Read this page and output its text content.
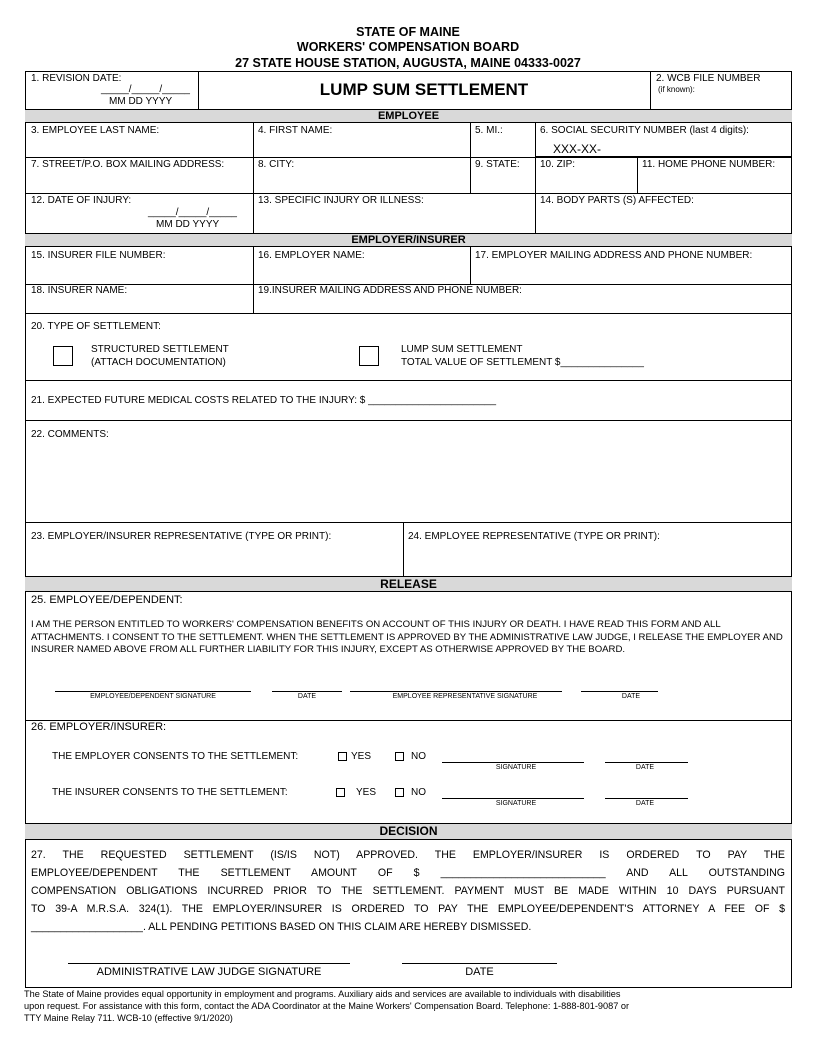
STATE OF MAINE
WORKERS' COMPENSATION BOARD
27 STATE HOUSE STATION, AUGUSTA, MAINE 04333-0027
1. REVISION DATE:
_____/_____/_____
MM DD YYYY
LUMP SUM SETTLEMENT
2. WCB FILE NUMBER
(if known):
EMPLOYEE
3. EMPLOYEE LAST NAME:	4. FIRST NAME:	5. MI.:	6. SOCIAL SECURITY NUMBER (last 4 digits):
XXX-XX-
7. STREET/P.O. BOX MAILING ADDRESS:	8. CITY:	9. STATE: 10. ZIP:	11. HOME PHONE NUMBER:
12. DATE OF INJURY:
_____/_____/_____
MM DD YYYY
13. SPECIFIC INJURY OR ILLNESS:	14. BODY PARTS (S) AFFECTED:
EMPLOYER/INSURER
15. INSURER FILE NUMBER:	16. EMPLOYER NAME:	17. EMPLOYER MAILING ADDRESS AND PHONE NUMBER:
18. INSURER NAME:	19.INSURER MAILING ADDRESS AND PHONE NUMBER:
20. TYPE OF SETTLEMENT:
STRUCTURED SETTLEMENT
(ATTACH DOCUMENTATION)
LUMP SUM SETTLEMENT
TOTAL VALUE OF SETTLEMENT $_______________
21. EXPECTED FUTURE MEDICAL COSTS RELATED TO THE INJURY: $ _______________________
22. COMMENTS:
23. EMPLOYER/INSURER REPRESENTATIVE (TYPE OR PRINT):	24. EMPLOYEE REPRESENTATIVE (TYPE OR PRINT):
RELEASE
25. EMPLOYEE/DEPENDENT:
I AM THE PERSON ENTITLED TO WORKERS' COMPENSATION BENEFITS ON ACCOUNT OF THIS INJURY OR DEATH. I HAVE READ THIS FORM AND ALL ATTACHMENTS. I CONSENT TO THE SETTLEMENT. WHEN THE SETTLEMENT IS APPROVED BY THE ADMINISTRATIVE LAW JUDGE, I RELEASE THE EMPLOYER AND INSURER NAMED ABOVE FROM ALL FURTHER LIABILITY FOR THIS INJURY, EXCEPT AS OTHERWISE APPROVED BY THE BOARD.
EMPLOYEE/DEPENDENT SIGNATURE	DATE	EMPLOYEE REPRESENTATIVE SIGNATURE	DATE
26. EMPLOYER/INSURER:
THE EMPLOYER CONSENTS TO THE SETTLEMENT:	YES	NO
SIGNATURE	DATE
THE INSURER CONSENTS TO THE SETTLEMENT:	YES	NO
SIGNATURE	DATE
DECISION
27. THE REQUESTED SETTLEMENT (IS/IS NOT) APPROVED. THE EMPLOYER/INSURER IS ORDERED TO PAY THE
EMPLOYEE/DEPENDENT THE SETTLEMENT AMOUNT OF $ ____________________________ AND ALL OUTSTANDING
COMPENSATION OBLIGATIONS INCURRED PRIOR TO THE SETTLEMENT. PAYMENT MUST BE MADE WITHIN 10 DAYS PURSUANT
TO 39-A M.R.S.A. 324(1). THE EMPLOYER/INSURER IS ORDERED TO PAY THE EMPLOYEE/DEPENDENT'S ATTORNEY A FEE OF $
___________________. ALL PENDING PETITIONS BASED ON THIS CLAIM ARE HEREBY DISMISSED.
ADMINISTRATIVE LAW JUDGE SIGNATURE	DATE
The State of Maine provides equal opportunity in employment and programs. Auxiliary aids and services are available to individuals with disabilities
upon request. For assistance with this form, contact the ADA Coordinator at the Maine Workers' Compensation Board. Telephone: 1-888-801-9087 or
TTY Maine Relay 711. WCB-10 (effective 9/1/2020)
